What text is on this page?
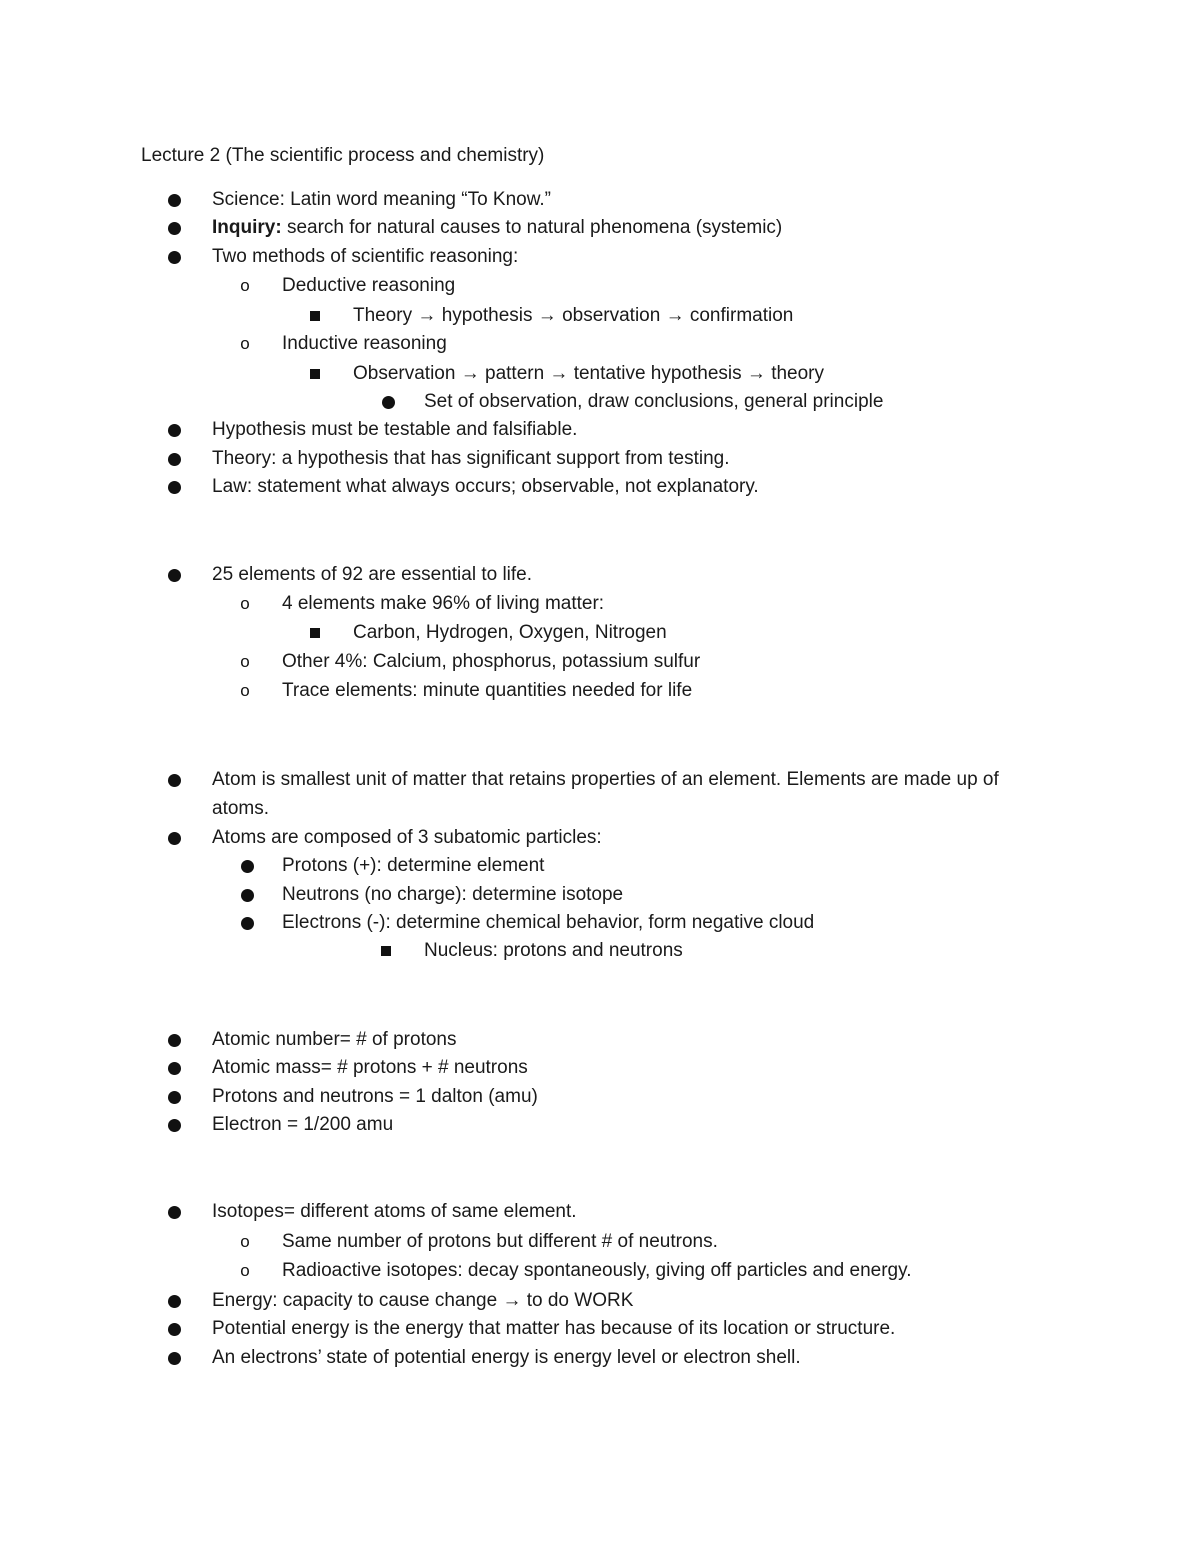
Lecture 2 (The scientific process and chemistry)
Science: Latin word meaning “To Know.”
Inquiry: search for natural causes to natural phenomena (systemic)
Two methods of scientific reasoning:
o Deductive reasoning
Theory → hypothesis → observation → confirmation
o Inductive reasoning
Observation → pattern → tentative hypothesis → theory
Set of observation, draw conclusions, general principle
Hypothesis must be testable and falsifiable.
Theory: a hypothesis that has significant support from testing.
Law: statement what always occurs; observable, not explanatory.
25 elements of 92 are essential to life.
o 4 elements make 96% of living matter:
Carbon, Hydrogen, Oxygen, Nitrogen
o Other 4%: Calcium, phosphorus, potassium sulfur
o Trace elements: minute quantities needed for life
Atom is smallest unit of matter that retains properties of an element. Elements are made up of
atoms.
Atoms are composed of 3 subatomic particles:
Protons (+): determine element
Neutrons (no charge): determine isotope
Electrons (-): determine chemical behavior, form negative cloud
Nucleus: protons and neutrons
Atomic number= # of protons
Atomic mass= # protons + # neutrons
Protons and neutrons = 1 dalton (amu)
Electron = 1/200 amu
Isotopes= different atoms of same element.
o Same number of protons but different # of neutrons.
o Radioactive isotopes: decay spontaneously, giving off particles and energy.
Energy: capacity to cause change → to do WORK
Potential energy is the energy that matter has because of its location or structure.
An electrons’ state of potential energy is energy level or electron shell.
